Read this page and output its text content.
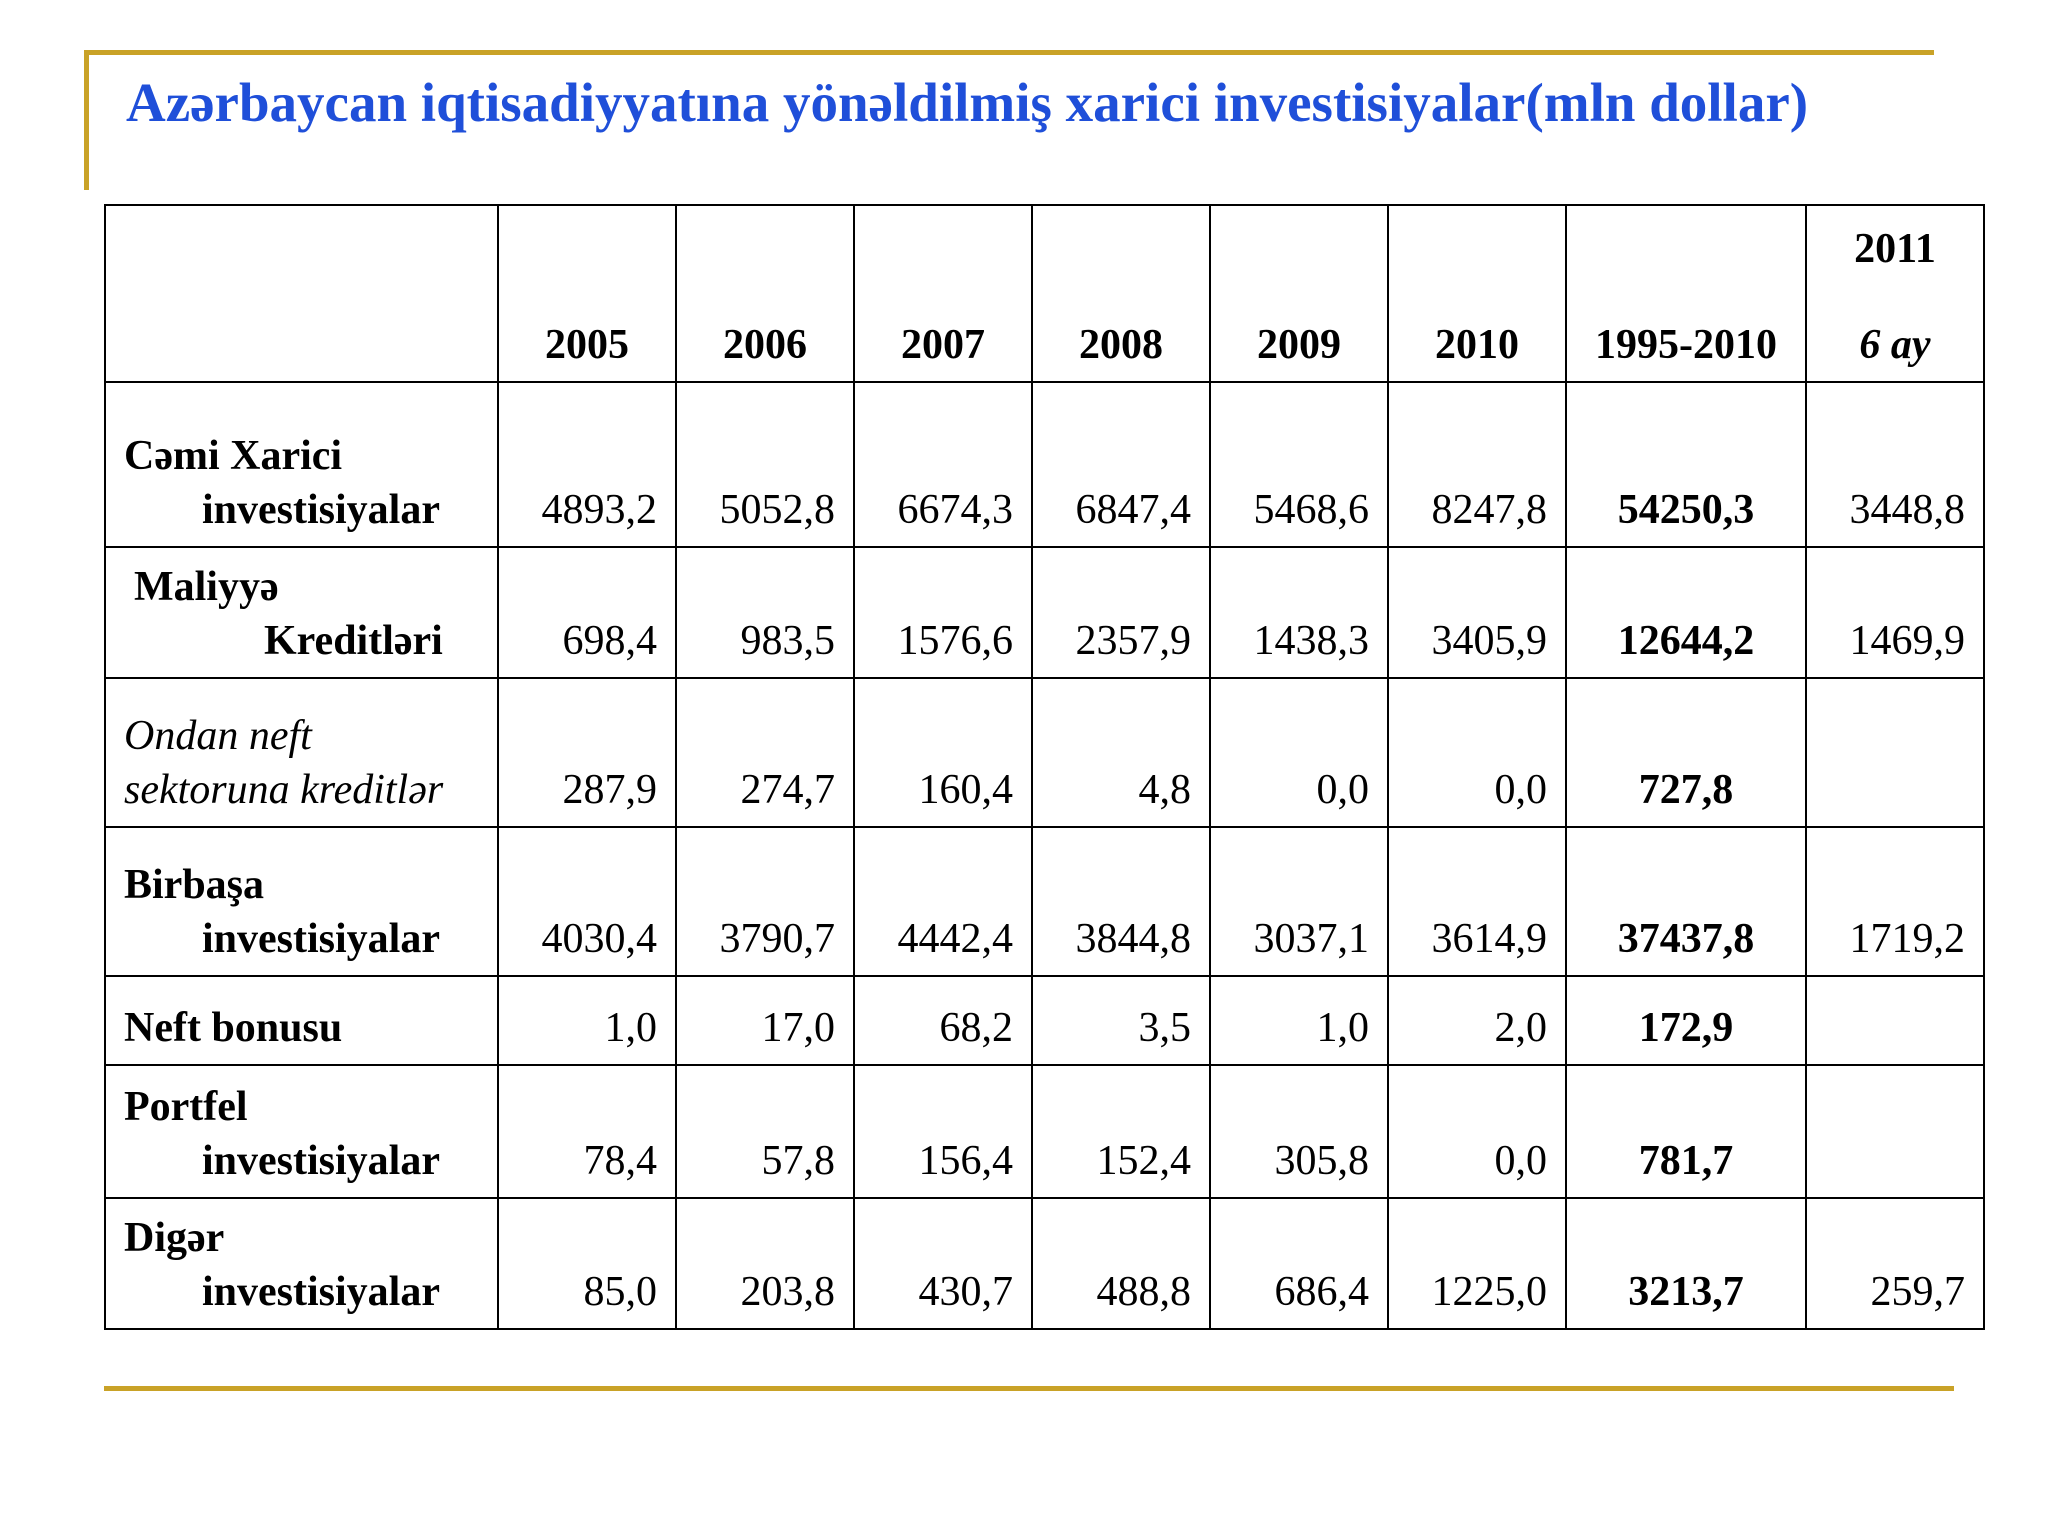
Azərbaycan iqtisadiyyatına yönəldilmiş xarici investisiyalar(mln dollar)
	2005	2006	2007	2008	2009	2010	1995-2010	2011
6 ay

Cəmi Xarici
investisiyalar	4893,2	5052,8	6674,3	6847,4	5468,6	8247,8	54250,3	3448,8
Maliyyə
Kreditləri	698,4	983,5	1576,6	2357,9	1438,3	3405,9	12644,2	1469,9
Ondan neft
sektoruna kreditlər	287,9	274,7	160,4	4,8	0,0	0,0	727,8	
Birbaşa
investisiyalar	4030,4	3790,7	4442,4	3844,8	3037,1	3614,9	37437,8	1719,2
Neft bonusu	1,0	17,0	68,2	3,5	1,0	2,0	172,9	
Portfel
investisiyalar	78,4	57,8	156,4	152,4	305,8	0,0	781,7	
Digər
investisiyalar	85,0	203,8	430,7	488,8	686,4	1225,0	3213,7	259,7
